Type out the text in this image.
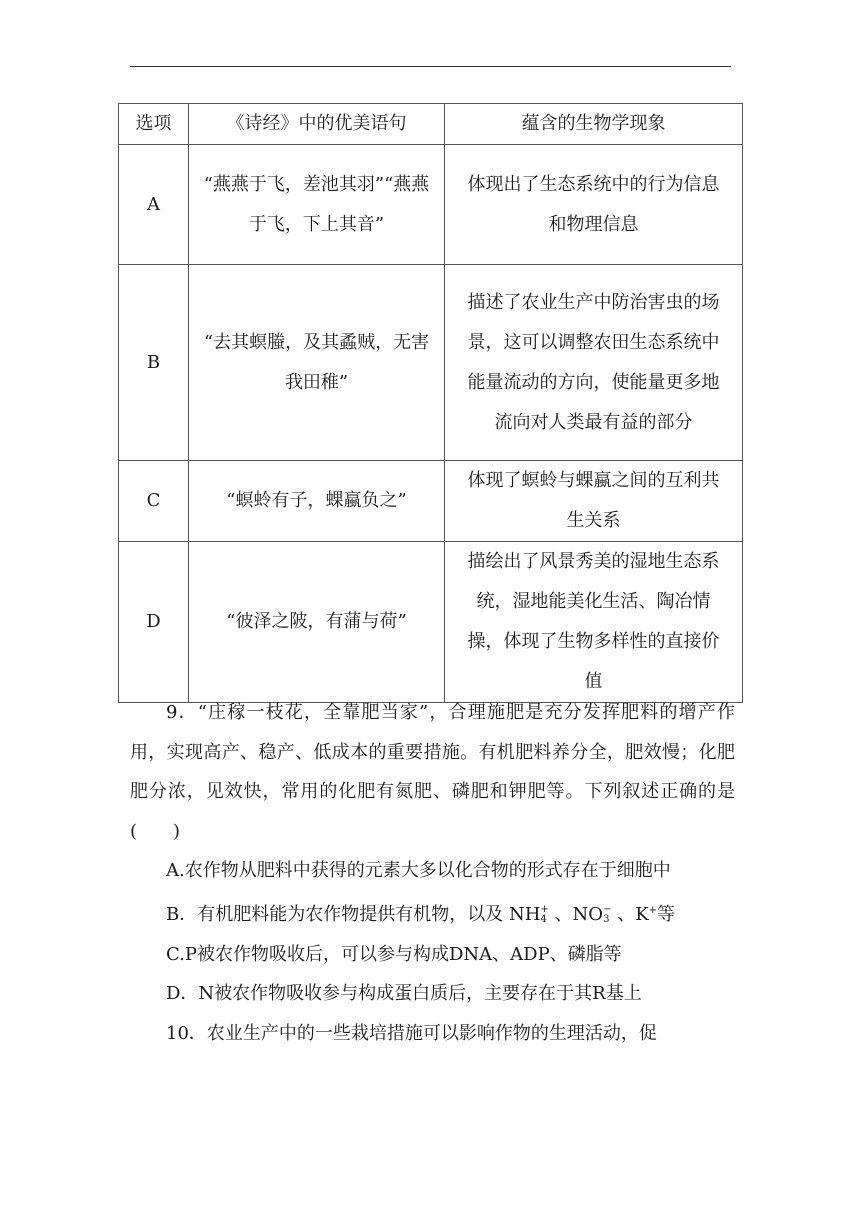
选项	《诗经》中的优美语句	蕴含的生物学现象
A	“燕燕于飞，差池其羽”“燕燕于飞，下上其音”	体现出了生态系统中的行为信息和物理信息
B	“去其螟螣，及其蟊贼，无害我田稚”	描述了农业生产中防治害虫的场景，这可以调整农田生态系统中能量流动的方向，使能量更多地流向对人类最有益的部分
C	“螟蛉有子，蜾蠃负之”	体现了螟蛉与蜾蠃之间的互利共生关系
D	“彼泽之陂，有蒲与荷”	描绘出了风景秀美的湿地生态系统，湿地能美化生活、陶冶情操，体现了生物多样性的直接价值

9．“庄稼一枝花，全靠肥当家”，合理施肥是充分发挥肥料的增产作用，实现高产、稳产、低成本的重要措施。有机肥料养分全，肥效慢；化肥肥分浓，见效快，常用的化肥有氮肥、磷肥和钾肥等。下列叙述正确的是(　　)

A.农作物从肥料中获得的元素大多以化合物的形式存在于细胞中

B．有机肥料能为农作物提供有机物，以及 NH +
4 、NO −
3 、K+等

C.P被农作物吸收后，可以参与构成DNA、ADP、磷脂等

D．N被农作物吸收参与构成蛋白质后，主要存在于其R基上

10．农业生产中的一些栽培措施可以影响作物的生理活动，促
